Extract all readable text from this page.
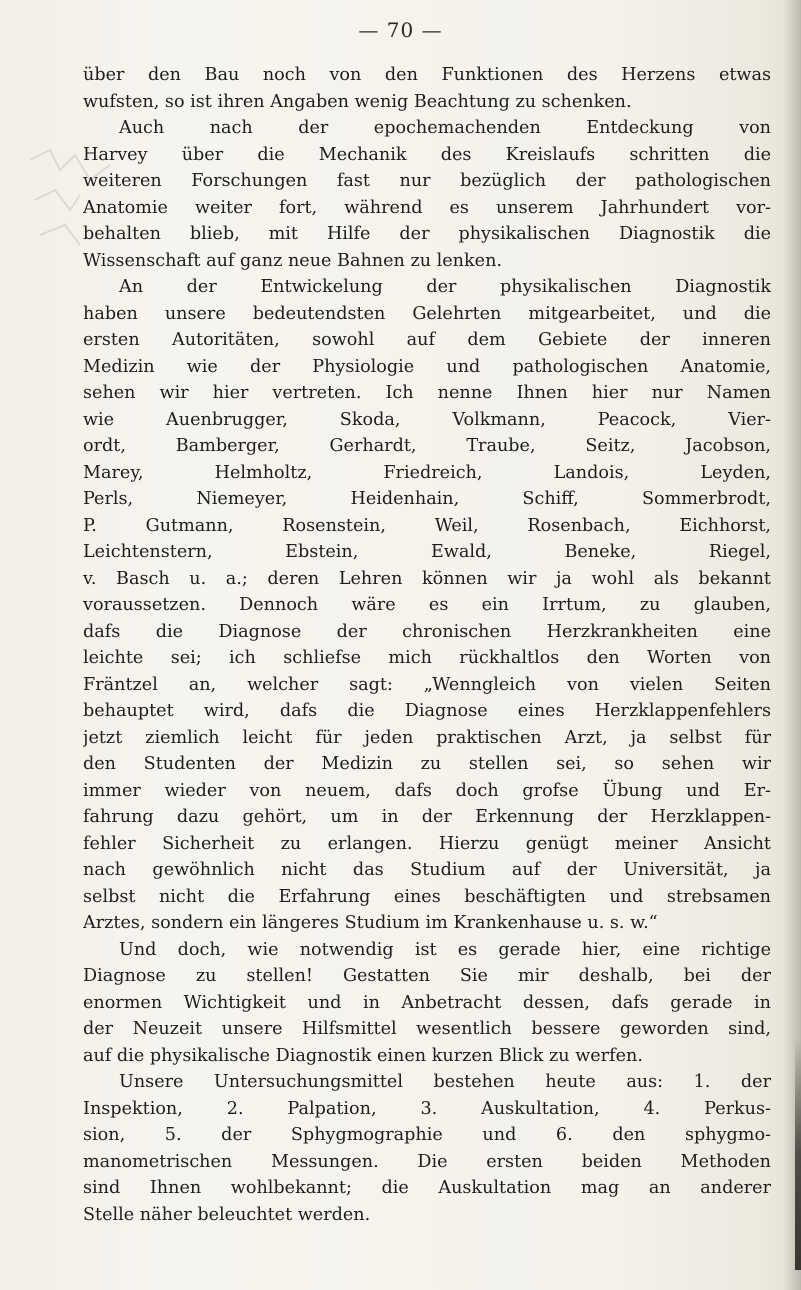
— 70 —
über den Bau noch von den Funktionen des Herzens etwas
wufsten, so ist ihren Angaben wenig Beachtung zu schenken.
Auch nach der epochemachenden Entdeckung von
Harvey über die Mechanik des Kreislaufs schritten die
weiteren Forschungen fast nur bezüglich der pathologischen
Anatomie weiter fort, während es unserem Jahrhundert vor-
behalten blieb, mit Hilfe der physikalischen Diagnostik die
Wissenschaft auf ganz neue Bahnen zu lenken.
An der Entwickelung der physikalischen Diagnostik
haben unsere bedeutendsten Gelehrten mitgearbeitet, und die
ersten Autoritäten, sowohl auf dem Gebiete der inneren
Medizin wie der Physiologie und pathologischen Anatomie,
sehen wir hier vertreten. Ich nenne Ihnen hier nur Namen
wie Auenbrugger, Skoda, Volkmann, Peacock, Vier-
ordt, Bamberger, Gerhardt, Traube, Seitz, Jacobson,
Marey, Helmholtz, Friedreich, Landois, Leyden,
Perls, Niemeyer, Heidenhain, Schiff, Sommerbrodt,
P. Gutmann, Rosenstein, Weil, Rosenbach, Eichhorst,
Leichtenstern, Ebstein, Ewald, Beneke, Riegel,
v. Basch u. a.; deren Lehren können wir ja wohl als bekannt
voraussetzen. Dennoch wäre es ein Irrtum, zu glauben,
dafs die Diagnose der chronischen Herzkrankheiten eine
leichte sei; ich schliefse mich rückhaltlos den Worten von
Fräntzel an, welcher sagt: „Wenngleich von vielen Seiten
behauptet wird, dafs die Diagnose eines Herzklappenfehlers
jetzt ziemlich leicht für jeden praktischen Arzt, ja selbst für
den Studenten der Medizin zu stellen sei, so sehen wir
immer wieder von neuem, dafs doch grofse Übung und Er-
fahrung dazu gehört, um in der Erkennung der Herzklappen-
fehler Sicherheit zu erlangen. Hierzu genügt meiner Ansicht
nach gewöhnlich nicht das Studium auf der Universität, ja
selbst nicht die Erfahrung eines beschäftigten und strebsamen
Arztes, sondern ein längeres Studium im Krankenhause u. s. w.“
Und doch, wie notwendig ist es gerade hier, eine richtige
Diagnose zu stellen! Gestatten Sie mir deshalb, bei der
enormen Wichtigkeit und in Anbetracht dessen, dafs gerade in
der Neuzeit unsere Hilfsmittel wesentlich bessere geworden sind,
auf die physikalische Diagnostik einen kurzen Blick zu werfen.
Unsere Untersuchungsmittel bestehen heute aus: 1. der
Inspektion, 2. Palpation, 3. Auskultation, 4. Perkus-
sion, 5. der Sphygmographie und 6. den sphygmo-
manometrischen Messungen. Die ersten beiden Methoden
sind Ihnen wohlbekannt; die Auskultation mag an anderer
Stelle näher beleuchtet werden.
